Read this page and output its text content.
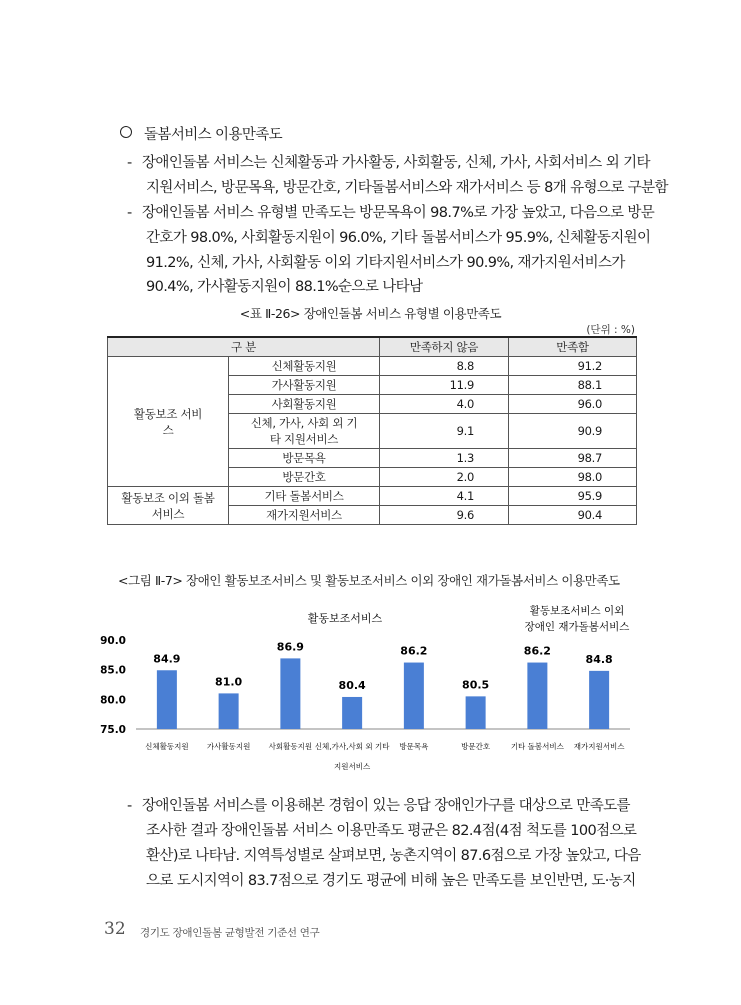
돌봄서비스 이용만족도
- 장애인돌봄 서비스는 신체활동과 가사활동, 사회활동, 신체, 가사, 사회서비스 외 기타
지원서비스, 방문목욕, 방문간호, 기타돌봄서비스와 재가서비스 등 8개 유형으로 구분함
- 장애인돌봄 서비스 유형별 만족도는 방문목욕이 98.7%로 가장 높았고, 다음으로 방문
간호가 98.0%, 사회활동지원이 96.0%, 기타 돌봄서비스가 95.9%, 신체활동지원이
91.2%, 신체, 가사, 사회활동 이외 기타지원서비스가 90.9%, 재가지원서비스가
90.4%, 가사활동지원이 88.1%순으로 나타남
<표 Ⅱ-26> 장애인돌봄 서비스 유형별 이용만족도
(단위 : %)
구 분		만족하지 않음	만족함
활동보조 서비스	신체활동지원	8.8	91.2
	가사활동지원	11.9	88.1
	사회활동지원	4.0	96.0
	신체, 가사, 사회 외 기타 지원서비스	9.1	90.9
	방문목욕	1.3	98.7
	방문간호	2.0	98.0
활동보조 이외 돌봄서비스	기타 돌봄서비스	4.1	95.9
	재가지원서비스	9.6	90.4
<그림 Ⅱ-7> 장애인 활동보조서비스 및 활동보조서비스 이외 장애인 재가돌봄서비스 이용만족도
90.0
85.0
80.0
75.0
84.9
신체활동지원
81.0
가사활동지원
86.9
사회활동지원
80.4
신체,가사,사회 외 기타
86.2
방문목욕
80.5
방문간호
86.2
기타 돌봄서비스
84.8
재가지원서비스
지원서비스
활동보조서비스
활동보조서비스 이외
장애인 재가돌봄서비스
- 장애인돌봄 서비스를 이용해본 경험이 있는 응답 장애인가구를 대상으로 만족도를
조사한 결과 장애인돌봄 서비스 이용만족도 평균은 82.4점(4점 척도를 100점으로
환산)로 나타남. 지역특성별로 살펴보면, 농촌지역이 87.6점으로 가장 높았고, 다음
으로 도시지역이 83.7점으로 경기도 평균에 비해 높은 만족도를 보인반면, 도·농지
32 경기도 장애인돌봄 균형발전 기준선 연구
